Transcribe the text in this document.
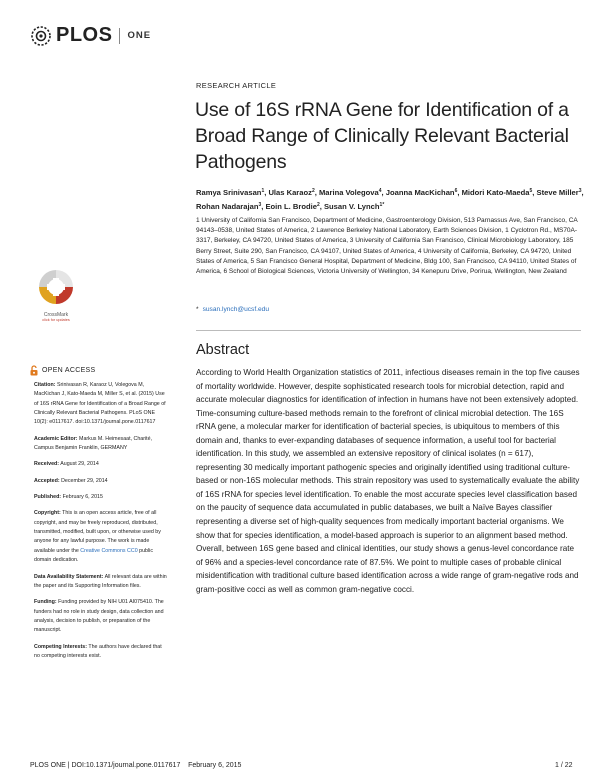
PLOS ONE
RESEARCH ARTICLE
Use of 16S rRNA Gene for Identification of a Broad Range of Clinically Relevant Bacterial Pathogens
Ramya Srinivasan$^1$, Ulas Karaoz$^2$, Marina Volegova$^4$, Joanna MacKichan$^6$, Midori Kato-Maeda$^5$, Steve Miller$^3$, Rohan Nadarajan$^3$, Eoin L. Brodie$^2$, Susan V. Lynch$^{1*}$
1 University of California San Francisco, Department of Medicine, Gastroenterology Division, 513 Parnassus Ave, San Francisco, CA 94143–0538, United States of America, 2 Lawrence Berkeley National Laboratory, Earth Sciences Division, 1 Cyclotron Rd., MS70A-3317, Berkeley, CA 94720, United States of America, 3 University of California San Francisco, Clinical Microbiology Laboratory, 185 Berry Street, Suite 290, San Francisco, CA 94107, United States of America, 4 University of California, Berkeley, CA 94720, United States of America, 5 San Francisco General Hospital, Department of Medicine, Bldg 100, San Francisco, CA 94110, United States of America, 6 School of Biological Sciences, Victoria University of Wellington, 34 Kenepuru Drive, Porirua, Wellington, New Zealand
* susan.lynch@ucsf.edu
Abstract

According to World Health Organization statistics of 2011, infectious diseases remain in the top five causes of mortality worldwide. However, despite sophisticated research tools for microbial detection, rapid and accurate molecular diagnostics for identification of infection in humans have not been extensively adopted. Time-consuming culture-based methods remain to the forefront of clinical microbial detection. The 16S rRNA gene, a molecular marker for identification of bacterial species, is ubiquitous to members of this domain and, thanks to ever-expanding databases of sequence information, a useful tool for bacterial identification. In this study, we assembled an extensive repository of clinical isolates (n = 617), representing 30 medically important pathogenic species and originally identified using traditional culture-based or non-16S molecular methods. This strain repository was used to systematically evaluate the ability of 16S rRNA for species level identification. To enable the most accurate species level classification based on the paucity of sequence data accumulated in public databases, we built a Naïve Bayes classifier representing a diverse set of high-quality sequences from medically important bacterial organisms. We show that for species identification, a model-based approach is superior to an alignment based method. Overall, between 16S gene based and clinical identities, our study shows a genus-level concordance rate of 96% and a species-level concordance rate of 87.5%. We point to multiple cases of probable clinical misidentification with traditional culture based identification across a wide range of gram-negative rods and gram-positive cocci as well as common gram-negative cocci.

CrossMark
click for updates
OPEN ACCESS
Citation: Srinivasan R, Karaoz U, Volegova M, MacKichan J, Kato-Maeda M, Miller S, et al. (2015) Use of 16S rRNA Gene for Identification of a Broad Range of Clinically Relevant Bacterial Pathogens. PLoS ONE 10(2): e0117617. doi:10.1371/journal.pone.0117617
Academic Editor: Markus M. Heimesaat, Charité, Campus Benjamin Franklin, GERMANY
Received: August 29, 2014
Accepted: December 29, 2014
Published: February 6, 2015
Copyright: This is an open access article, free of all copyright, and may be freely reproduced, distributed, transmitted, modified, built upon, or otherwise used by anyone for any lawful purpose. The work is made available under the Creative Commons CC0 public domain dedication.
Data Availability Statement: All relevant data are within the paper and its Supporting Information files.
Funding: Funding provided by NIH U01 AI075410. The funders had no role in study design, data collection and analysis, decision to publish, or preparation of the manuscript.
Competing Interests: The authors have declared that no competing interests exist.
PLOS ONE | DOI:10.1371/journal.pone.0117617    February 6, 2015	1 / 22
